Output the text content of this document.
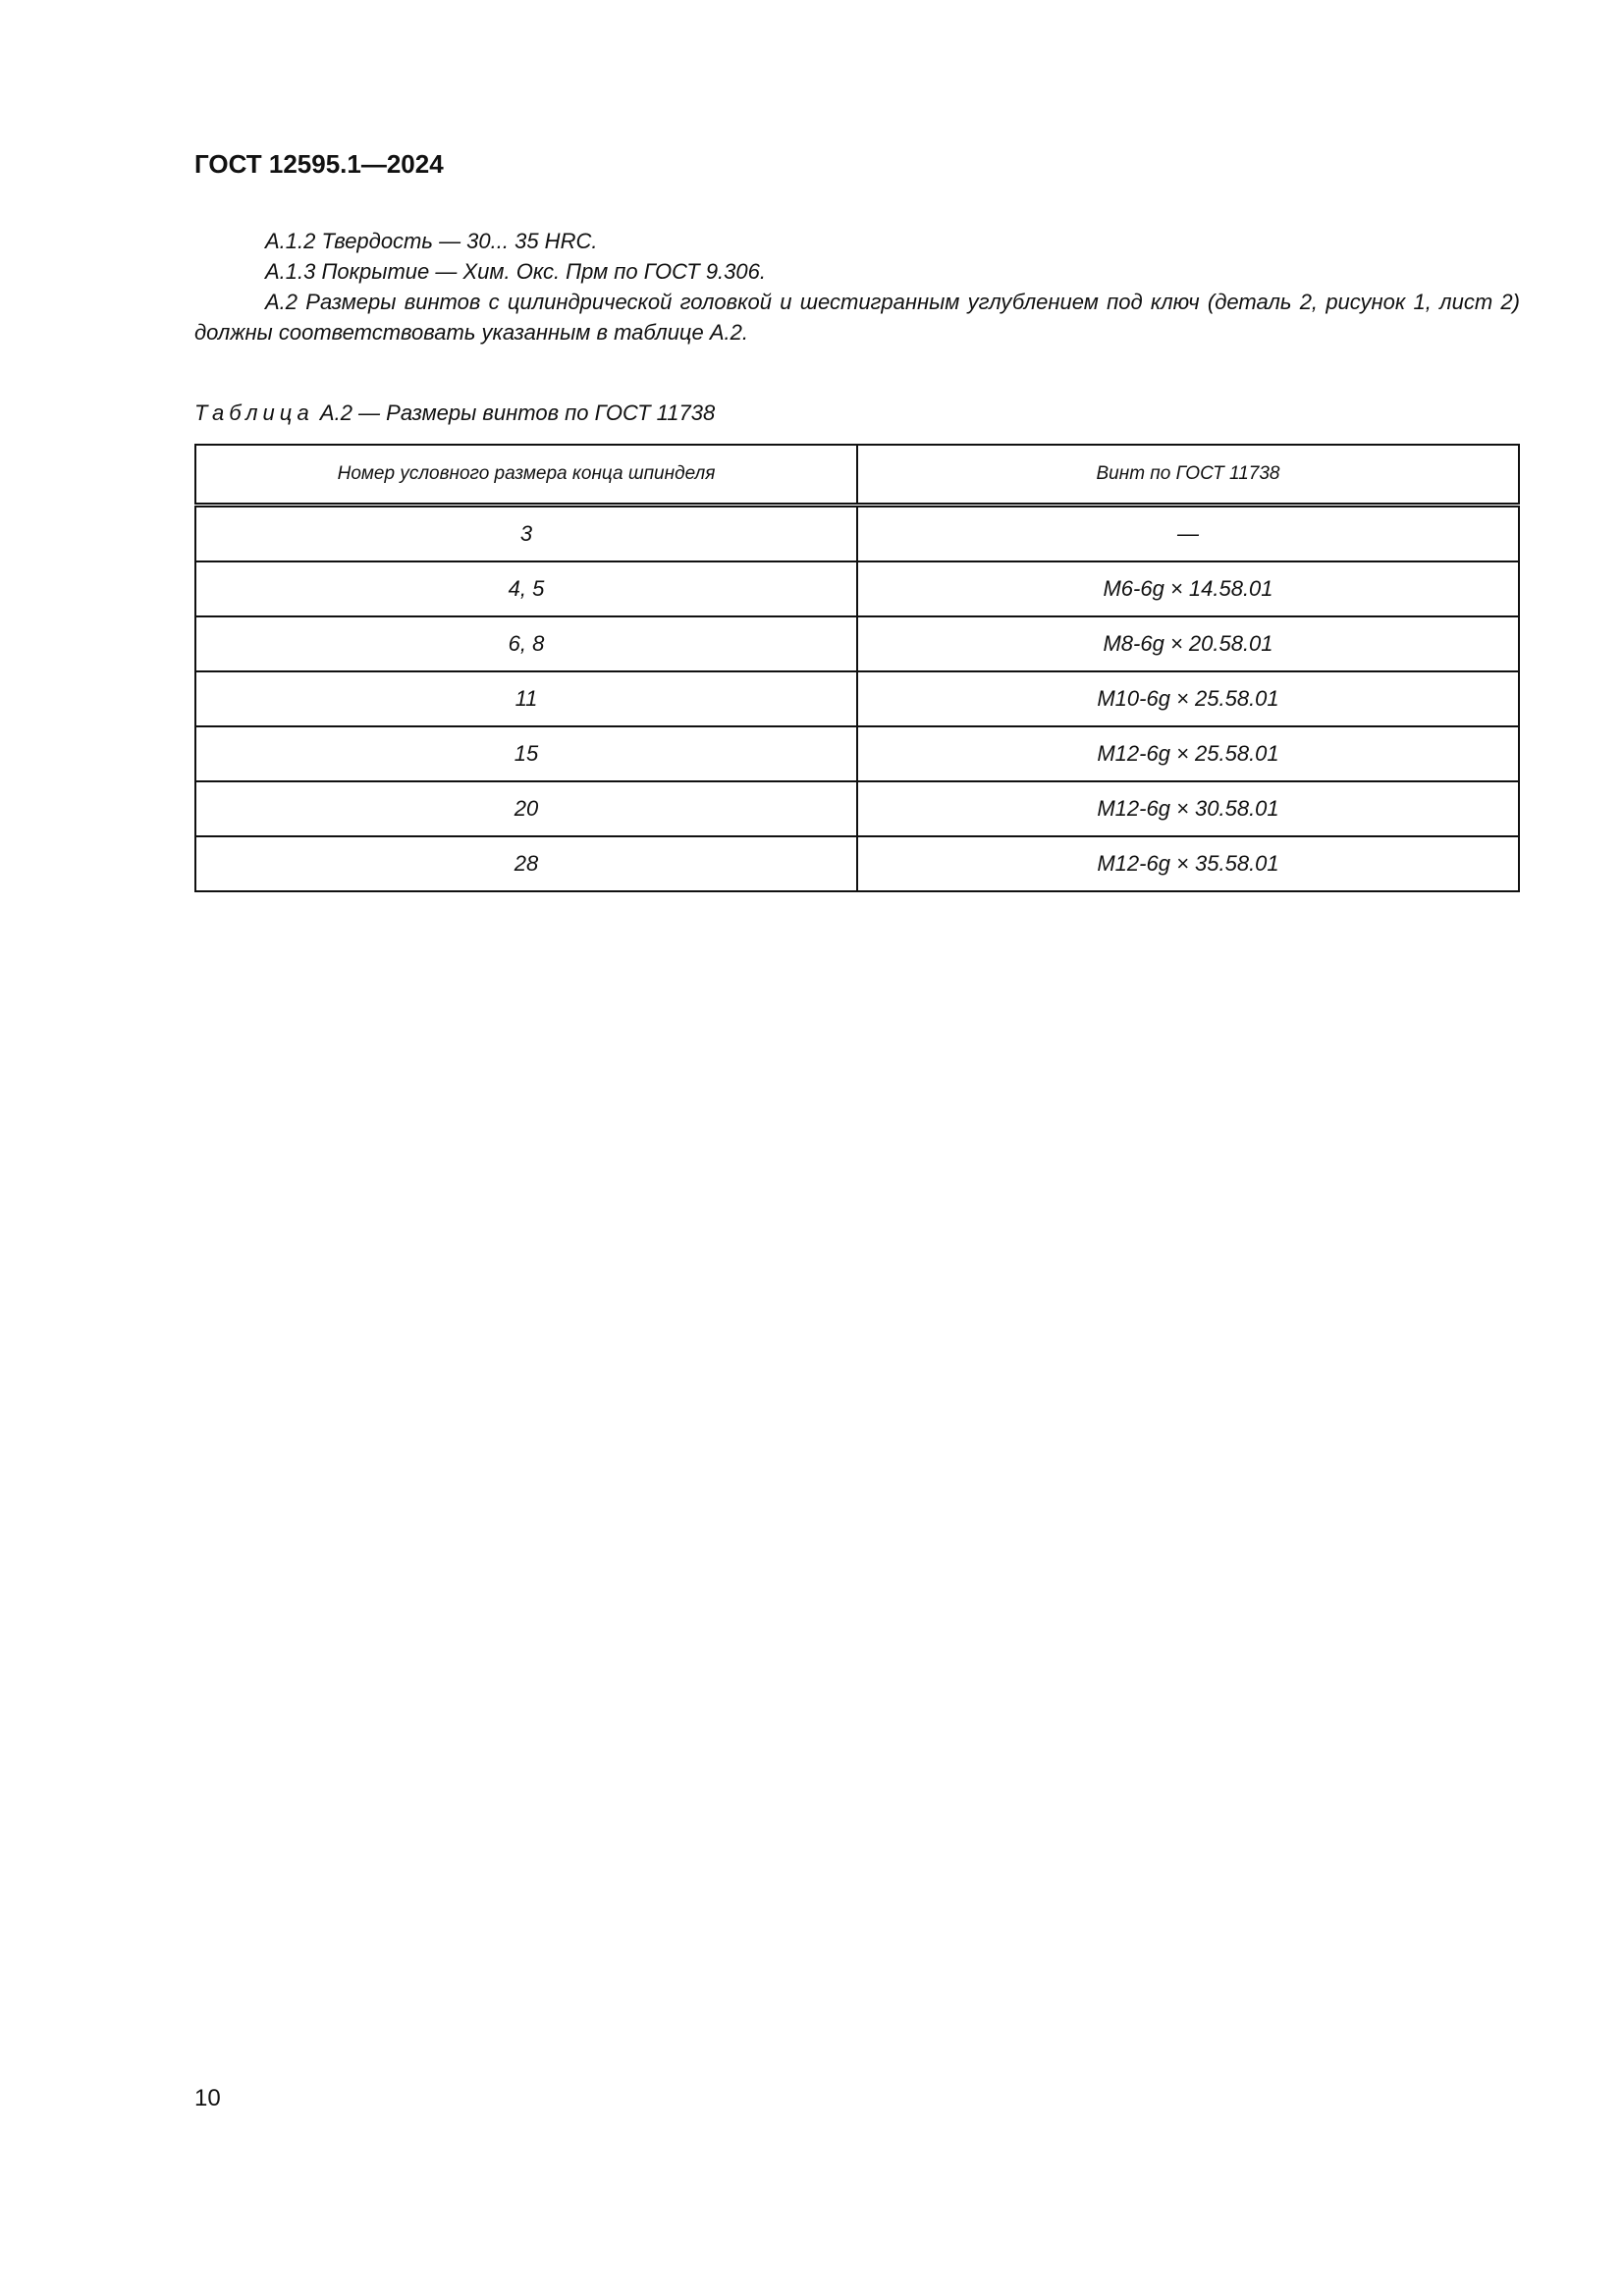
ГОСТ 12595.1—2024

А.1.2 Твердость — 30... 35 HRC.

А.1.3 Покрытие — Хим. Окс. Прм по ГОСТ 9.306.

А.2 Размеры винтов с цилиндрической головкой и шестигранным углублением под ключ (деталь 2, рисунок 1, лист 2) должны соответствовать указанным в таблице А.2.

Таблица А.2 — Размеры винтов по ГОСТ 11738
Номер условного размера конца шпинделя	Винт по ГОСТ 11738
3	—
4, 5	M6-6g × 14.58.01
6, 8	M8-6g × 20.58.01
11	M10-6g × 25.58.01
15	M12-6g × 25.58.01
20	M12-6g × 30.58.01
28	M12-6g × 35.58.01
10
